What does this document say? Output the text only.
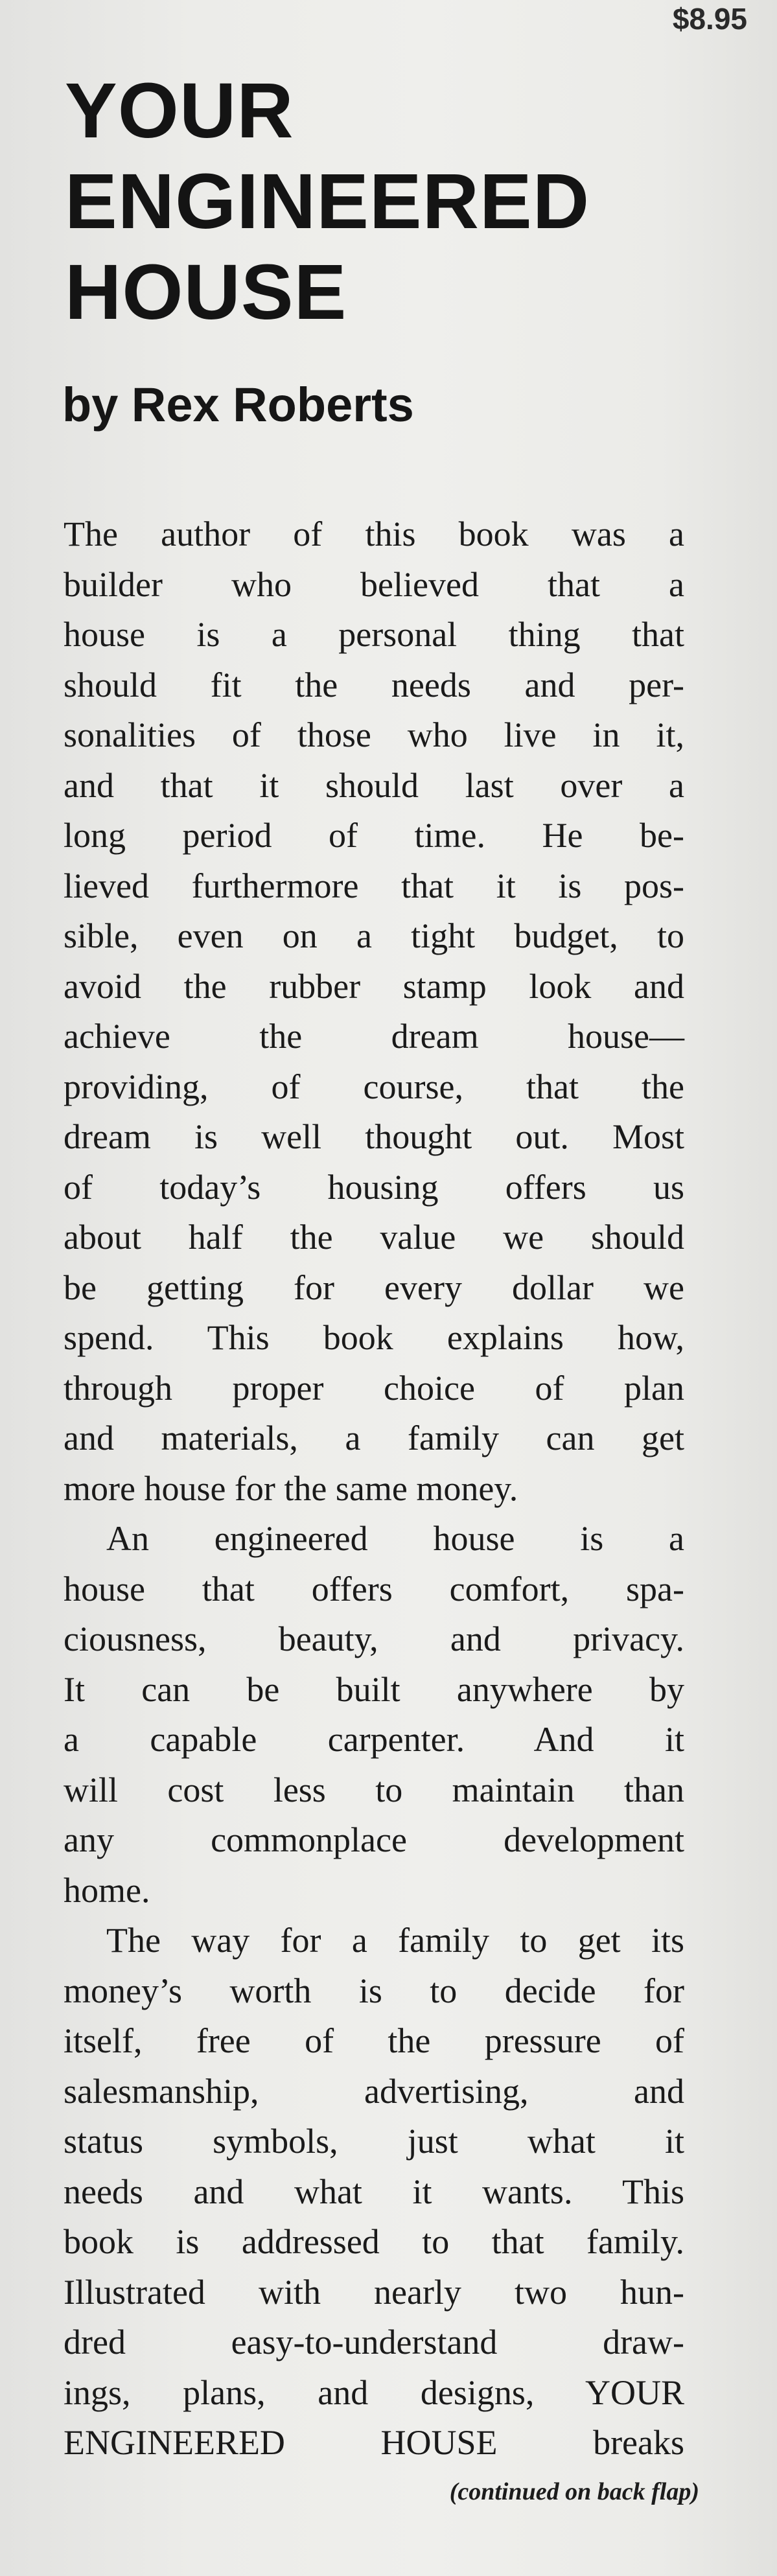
$8.95

YOUR
ENGINEERED
HOUSE

by Rex Roberts

The author of this book was a
builder who believed that a
house is a personal thing that
should fit the needs and per-
sonalities of those who live in it,
and that it should last over a
long period of time. He be-
lieved furthermore that it is pos-
sible, even on a tight budget, to
avoid the rubber stamp look and
achieve the dream house—
providing, of course, that the
dream is well thought out. Most
of today’s housing offers us
about half the value we should
be getting for every dollar we
spend. This book explains how,
through proper choice of plan
and materials, a family can get
more house for the same money.
An engineered house is a
house that offers comfort, spa-
ciousness, beauty, and privacy.
It can be built anywhere by
a capable carpenter. And it
will cost less to maintain than
any commonplace development
home.
The way for a family to get its
money’s worth is to decide for
itself, free of the pressure of
salesmanship, advertising, and
status symbols, just what it
needs and what it wants. This
book is addressed to that family.
Illustrated with nearly two hun-
dred easy-to-understand draw-
ings, plans, and designs, YOUR
ENGINEERED HOUSE breaks

(continued on back flap)
